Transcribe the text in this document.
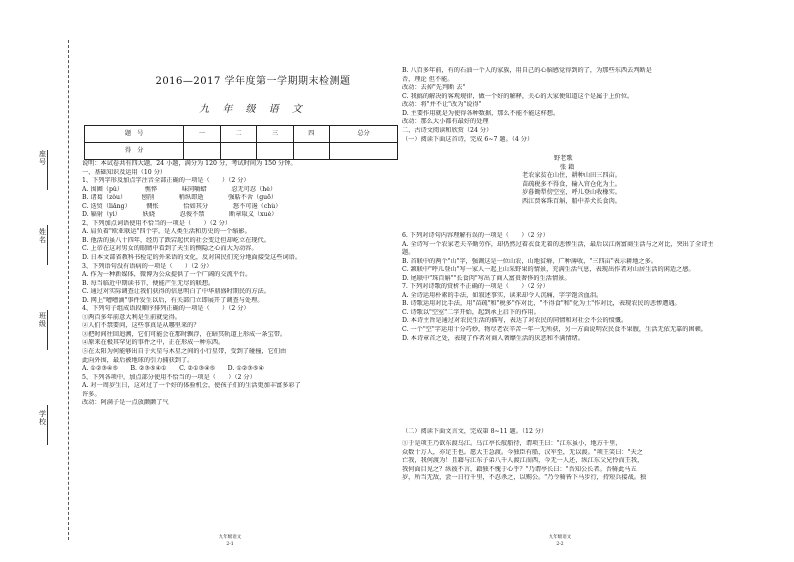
座号
姓名
班级
学校
2016—2017 学年度第一学期期末检测题
九 年 级 语 文
题　号	一	二	三	四	总分
得　分					

说明：本试卷共有四大题，24 小题，满分为 120 分，考试时间为 150 分钟。

一、基础知识及运用（10 分）

1、下列字形及加点字注音全部正确的一项是（　　）（2 分）

A. 围圃（pǔ）　　　　憔悴　　　　味同嚼蜡　　　　忍无可忍（hè）

B. 诸葛（zǒu）　　　刨削　　　　稍纵即逝　　　　强聒不舍（guō）

C. 迭贸（liǎng）　　　惆怅　　　　恰如其分　　　　怒不可遏（chù）

D. 辐射（yì）　　　　妖娆　　　　忍俊不禁　　　　断章取义（xuè）

2、下列加点词语使用不恰当的一项是（　　）（2 分）

A. 肩负着"欧亚联运"四个字，是人类生活和历史的一个缩影。

B. 他活的虽八十四年，经历了跌宕起伏的社会变迁但却屹立在现代。

C. 上帝在这对男女的眼睛中看到了天生的恻隐之心而大为动容。

D. 日本文部省教科书检定的外来语的文化，反对国民们充分地面接受这些词语。

3、下列语句没有语病的一项是（　　）（2 分）

A. 作为一种新媒体，微博为公众提供了一个广阔的交流平台。

B. 每当临近中期读书节，便能产生无尽的联想。

C. 通过对实际调查让我们获得的信息明白了中华鼎盛时期民的方法。

D. 网上"嘈嘈滴"事件发生以后，有关部门立即展开了调查与处理。

4、下列句子组成语段顺序排列正确的一项是（　　）（2 分）

①两百多年前意大利是生前就觉得。

②人们不禁要问，这些事真是从哪里来的？

③把时间往回追溯，它们可能会在那时飘浮，在暗冥轨道上形成一条宝带。

④原来在极其罕见的事件之中，正在形成一种东西。

⑤在太阳为何能够出自于火星与木星之间的小行星带，受到了碰撞，它们由

此向外围，最后被地球的引力捕获到了。

A. ①②③④⑤　　B. ②③⑤④①　　C. ②①③④⑤　　D. ①②③⑤④

5、下列各项中，加点部分使用不恰当的一项是（　　）（2 分）

A. 对一周岁生日，这对过了一个好的体验机会，使孩子们的生活更加丰富多彩了

许多。

改动：阿满子是一点放颤颤了气

九年级语文
2-1

B. 八百多年前，有的石油一个人的家族，用自己的心脑感觉得到的了，为那些东西去判断是

否，理论 但不能。

改动：去掉"先判断 去"

C. 我搞的解决的客观规律，做一个好的解释，关心的大家便知道这个是属于上价位。

改动：将"并不让"改为"说得"

D. 主要作用就是为使得各种数据，那么不能不能这样想。

改动：那么大小都有最好的处理

二、古诗文阅读和欣赏（24 分）

（一）阅读下面这首诗，完成 6~7 题。（4 分）

野老歌

张 籍

老农家贫在山住，耕种山田三四亩。

苗疏税多不得食，输入官仓化为土。

岁暮锄犁傍空室，呼儿登山收橡实。

西江贾客珠百斛，船中养犬长食肉。

6. 下列对诗句内容理解有误的一项是（　　）（2 分）

A. 全诗写一个农家老夫辛勤劳作，却仍然过着衣食无着的悲惨生活，最后以江南富商生活与之对比，突出了全诗主题。

B. 首联中的两个"山"字，强调这是一位山农，山地贫瘠，广种薄收，"三四亩"表示耕地之多。

C. 颔联中"呼儿登山"写一家人一起上山采野果的情景，充满生活气息，表现出作者对山居生活的闲适之感。

D. 尾联中"珠百斛""长食肉"写出了商人富贵奢侈的生活情景。

7. 下列对诗歌的赏析不正确的一项是（　　）（2 分）

A. 全诗运用朴素的手法，如叙述事实，读来却令人沉痛，字字饱含血泪。

B. 诗歌运用对比手法，用"苗疏"和"税多"作对比，"不得食"和"化为土"作对比，表现农民的悲惨遭遇。

C. 诗歌以"空室"二字开始，起到承上启下的作用。

D. 本诗主旨是通过对农民生活的描写，表达了对农民的同情和对社会不公的愤慨。

C. 一个"空"字运用十分巧妙，物尽老农辛苦一年一无所获，另一方面说明农民食不果腹，生活无依无靠的困顿。

D. 本诗章首之处，表现了作者对商人奢靡生活的厌恶和不满情绪。

（二）阅读下面文言文，完成第 8~11 题。（12 分）

①于是项王乃欲东渡乌江。乌江亭长舣船待，谓项王曰："江东虽小，地方千里，

众数十万人，亦足王也。愿大王急渡。今独臣有船，汉军至，无以渡。"项王笑曰："天之

亡我，我何渡为！且籍与江东子弟八千人渡江而西，今无一人还，纵江东父兄怜而王我，

我何面目见之？纵彼不言，籍独不愧于心乎？"乃谓亭长曰："吾知公长者。吾骑此马五

岁，所当无敌，尝一日行千里，不忍杀之，以赐公。"乃令骑皆下马步行，持短兵接战。独

九年级语文
2-2
